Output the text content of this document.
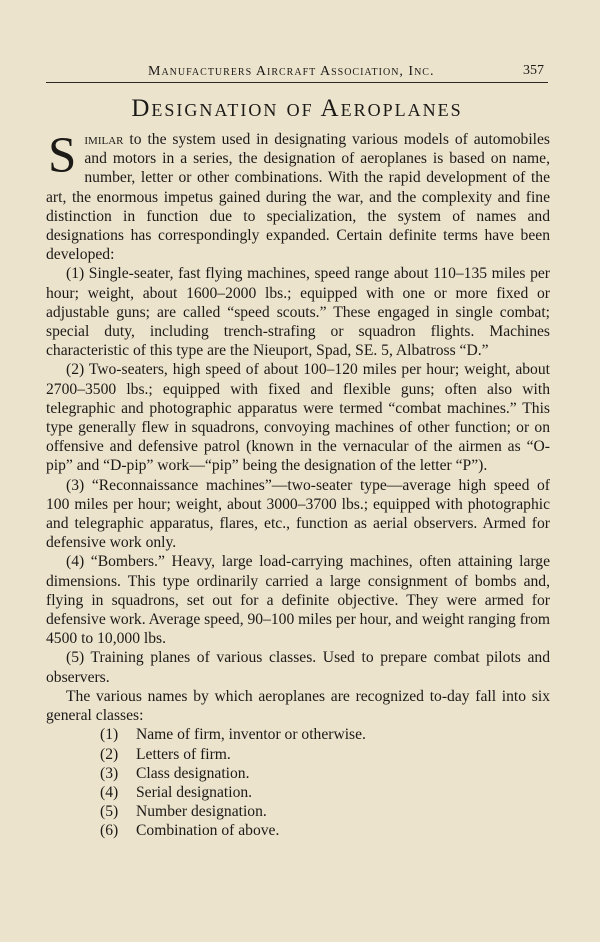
Manufacturers Aircraft Association, Inc.	357
Designation of Aeroplanes

Similar to the system used in designating various models of automobiles and motors in a series, the designation of aeroplanes is based on name, number, letter or other combinations. With the rapid development of the art, the enormous impetus gained during the war, and the complexity and fine distinction in function due to specialization, the system of names and designations has correspondingly expanded. Certain definite terms have been developed:

(1) Single-seater, fast flying machines, speed range about 110–135 miles per hour; weight, about 1600–2000 lbs.; equipped with one or more fixed or adjustable guns; are called “speed scouts.” These engaged in single combat; special duty, including trench-strafing or squadron flights. Machines characteristic of this type are the Nieuport, Spad, SE. 5, Albatross “D.”

(2) Two-seaters, high speed of about 100–120 miles per hour; weight, about 2700–3500 lbs.; equipped with fixed and flexible guns; often also with telegraphic and photographic apparatus were termed “combat machines.” This type generally flew in squadrons, convoying machines of other function; or on offensive and defensive patrol (known in the vernacular of the airmen as “O-pip” and “D-pip” work—“pip” being the designation of the letter “P”).

(3) “Reconnaissance machines”—two-seater type—average high speed of 100 miles per hour; weight, about 3000–3700 lbs.; equipped with photographic and telegraphic apparatus, flares, etc., function as aerial observers. Armed for defensive work only.

(4) “Bombers.” Heavy, large load-carrying machines, often attaining large dimensions. This type ordinarily carried a large consignment of bombs and, flying in squadrons, set out for a definite objective. They were armed for defensive work. Average speed, 90–100 miles per hour, and weight ranging from 4500 to 10,000 lbs.

(5) Training planes of various classes. Used to prepare combat pilots and observers.

The various names by which aeroplanes are recognized to-day fall into six general classes:

(1)	Name of firm, inventor or otherwise.
(2)	Letters of firm.
(3)	Class designation.
(4)	Serial designation.
(5)	Number designation.
(6)	Combination of above.
